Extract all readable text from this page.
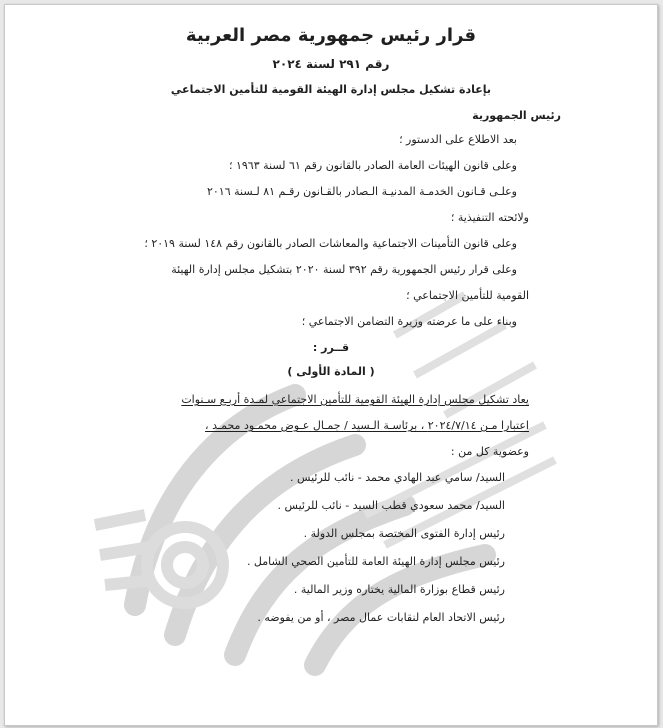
قرار رئيس جمهورية مصر العربية
رقم ٢٩١ لسنة ٢٠٢٤
بإعادة تشكيل مجلس إدارة الهيئة القومية للتأمين الاجتماعي
رئيس الجمهورية
بعد الاطلاع على الدستور ؛
وعلى قانون الهيئات العامة الصادر بالقانون رقم ٦١ لسنة ١٩٦٣ ؛
وعلـى قـانون الخدمـة المدنيـة الـصادر بالقـانون رقـم ٨١ لـسنة ٢٠١٦
ولائحته التنفيذية ؛
وعلى قانون التأمينات الاجتماعية والمعاشات الصادر بالقانون رقم ١٤٨ لسنة ٢٠١٩ ؛
وعلى قرار رئيس الجمهورية رقم ٣٩٢ لسنة ٢٠٢٠ بتشكيل مجلس إدارة الهيئة
القومية للتأمين الاجتماعي ؛
وبناء على ما عرضته وزيرة التضامن الاجتماعي ؛
قــرر :
( المادة الأولى )
يعاد تشكيل مجلس إدارة الهيئة القومية للتأمين الاجتماعي لمـدة أربـع سـنوات
اعتبارا مـن ٢٠٢٤/٧/١٤ ، برئاسـة الـسيد / جمـال عـوض محمـود محمـد ،
وعضوية كل من :
السيد/ سامي عبد الهادي محمد - نائب للرئيس .
السيد/ محمد سعودي قطب السيد - نائب للرئيس .
رئيس إدارة الفتوى المختصة بمجلس الدولة .
رئيس مجلس إدارة الهيئة العامة للتأمين الصحي الشامل .
رئيس قطاع بوزارة المالية يختاره وزير المالية .
رئيس الاتحاد العام لنقابات عمال مصر ، أو من يفوضه .
